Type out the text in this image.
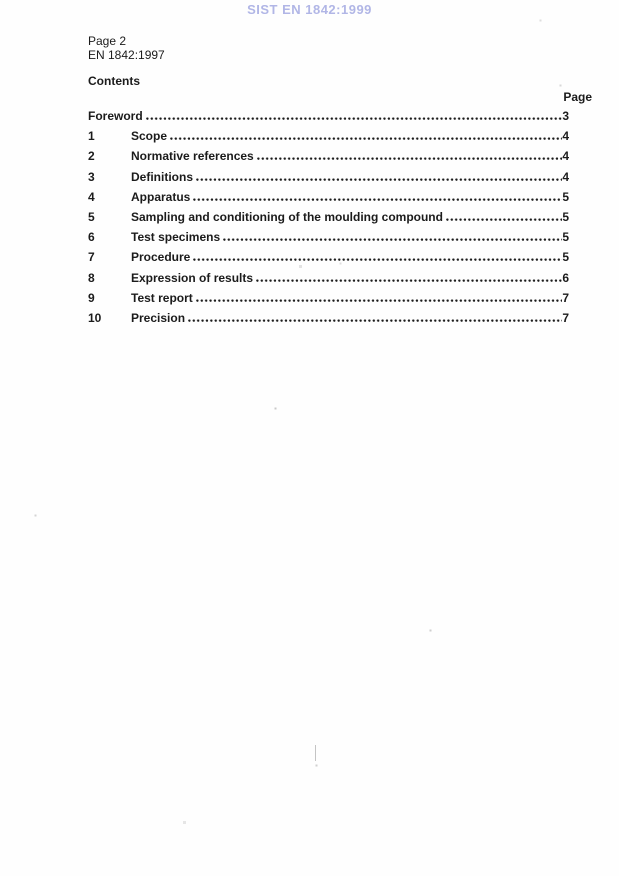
SIST EN 1842:1999
Page 2
EN 1842:1997
Contents
Page
Foreword	3
1	Scope	4
2	Normative references	4
3	Definitions	4
4	Apparatus	5
5	Sampling and conditioning of the moulding compound	5
6	Test specimens	5
7	Procedure	5
8	Expression of results	6
9	Test report	7
10	Precision	7
